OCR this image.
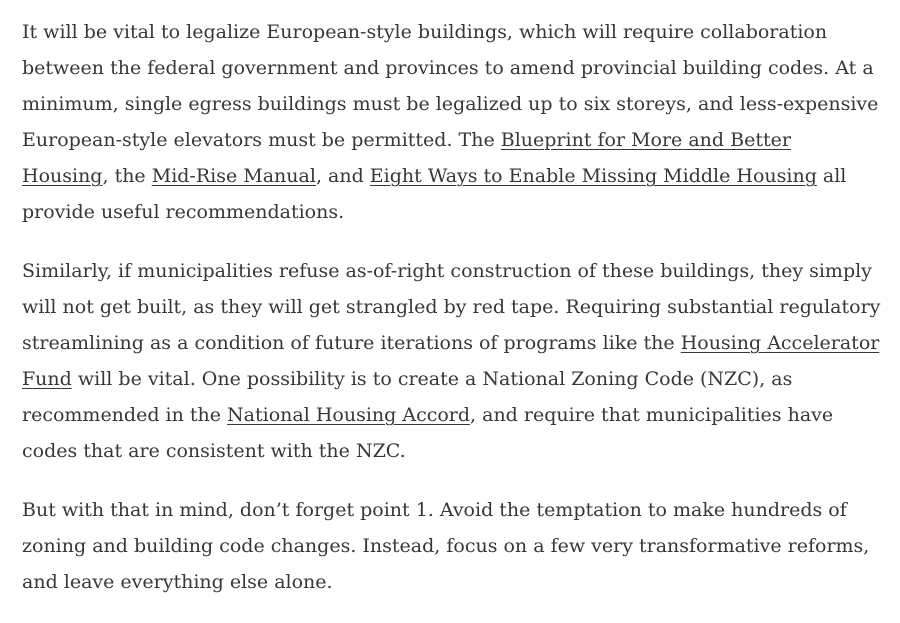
It will be vital to legalize European-style buildings, which will require collaboration between the federal government and provinces to amend provincial building codes. At a minimum, single egress buildings must be legalized up to six storeys, and less-expensive European-style elevators must be permitted. The Blueprint for More and Better Housing, the Mid-Rise Manual, and Eight Ways to Enable Missing Middle Housing all provide useful recommendations.

Similarly, if municipalities refuse as-of-right construction of these buildings, they simply will not get built, as they will get strangled by red tape. Requiring substantial regulatory streamlining as a condition of future iterations of programs like the Housing Accelerator Fund will be vital. One possibility is to create a National Zoning Code (NZC), as recommended in the National Housing Accord, and require that municipalities have codes that are consistent with the NZC.

But with that in mind, don’t forget point 1. Avoid the temptation to make hundreds of zoning and building code changes. Instead, focus on a few very transformative reforms, and leave everything else alone.
